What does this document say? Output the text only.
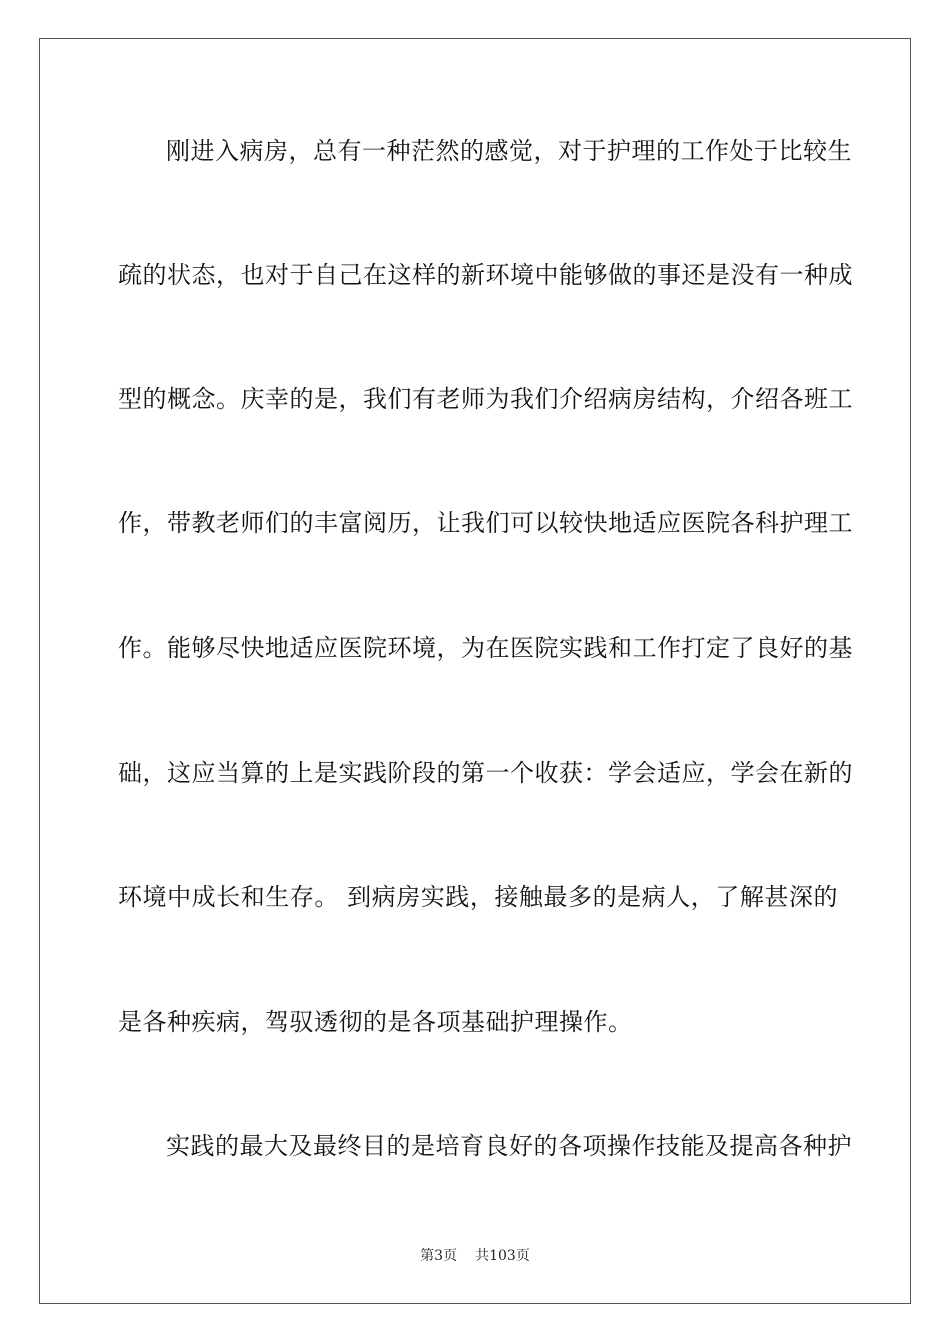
刚进入病房，总有一种茫然的感觉，对于护理的工作处于比较生
疏的状态，也对于自己在这样的新环境中能够做的事还是没有一种成
型的概念。庆幸的是，我们有老师为我们介绍病房结构，介绍各班工
作，带教老师们的丰富阅历，让我们可以较快地适应医院各科护理工
作。能够尽快地适应医院环境，为在医院实践和工作打定了良好的基
础，这应当算的上是实践阶段的第一个收获：学会适应，学会在新的
环境中成长和生存。 到病房实践，接触最多的是病人，了解甚深的
是各种疾病，驾驭透彻的是各项基础护理操作。
实践的最大及最终目的是培育良好的各项操作技能及提高各种护
第3页 共103页
